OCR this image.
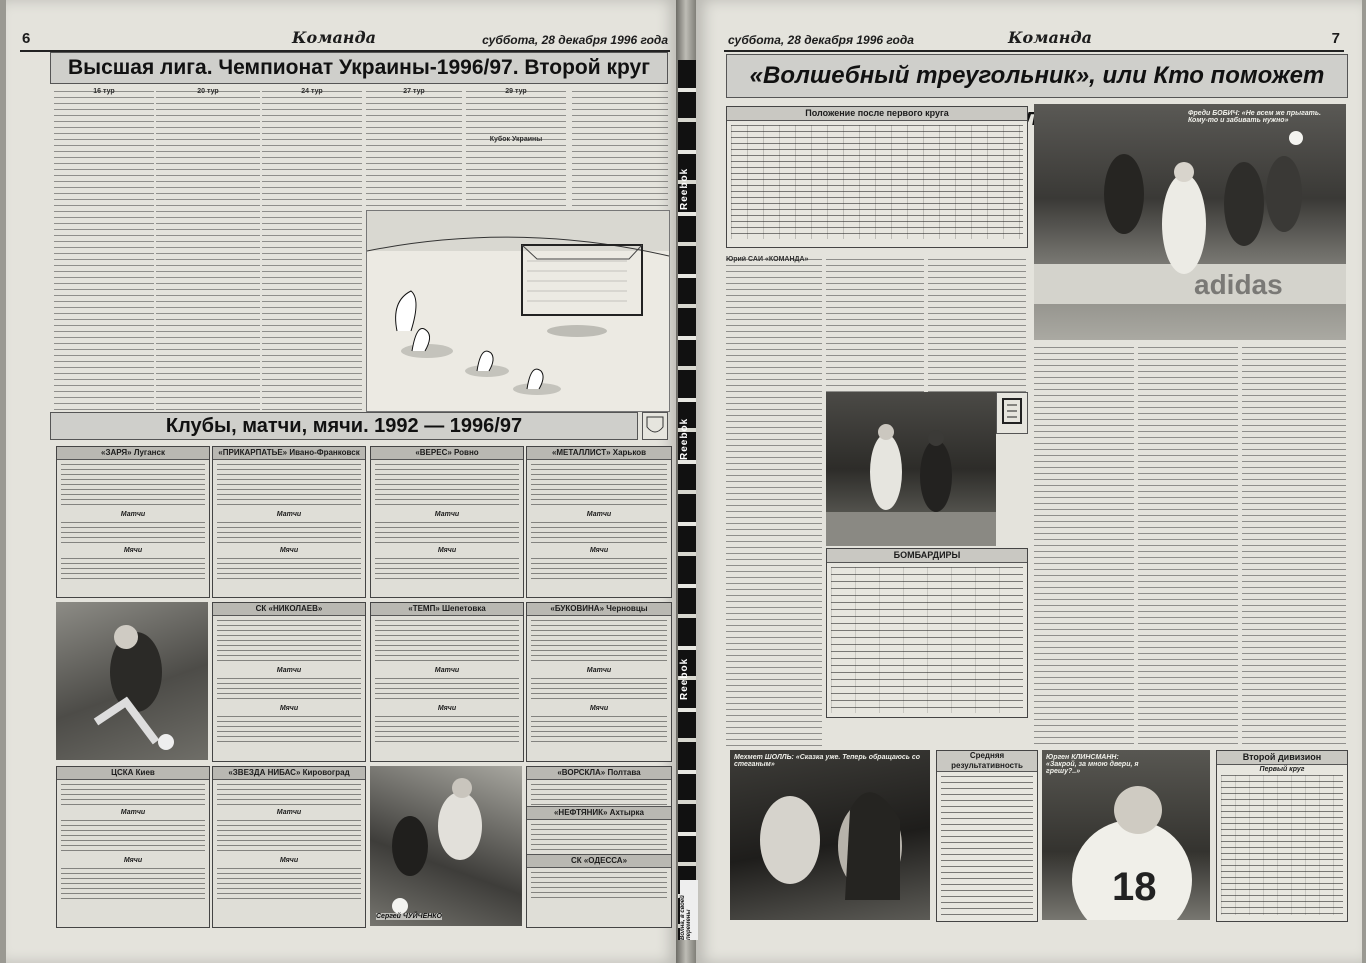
6	Команда	суббота, 28 декабря 1996 года
Высшая лига. Чемпионат Украины-1996/97. Второй круг

16 тур	20 тур	24 тур	27 тур	29 тур

Кубок Украины

Клубы, матчи, мячи. 1992 — 1996/97
«ЗАРЯ» Луганск
Матчи
Мячи
«ПРИКАРПАТЬЕ» Ивано-Франковск
Матчи
Мячи
«ВЕРЕС» Ровно
Матчи
Мячи
«МЕТАЛЛИСТ» Харьков
Матчи
Мячи
СК «НИКОЛАЕВ»
Матчи
Мячи
«ТЕМП» Шепетовка
Матчи
Мячи
«БУКОВИНА» Черновцы
Матчи
Мячи
ЦСКА Киев
Матчи
Мячи
«ЗВЕЗДА НИБАС» Кировоград
Матчи
Мячи
Сергей ЧУЙЧЕНКО
«ВОРСКЛА» Полтава
«НЕФТЯНИК» Ахтырка
СК «ОДЕССА»
Reebok
Reebok
Reebok
суббота, 28 декабря 1996 года	Команда	7
«Волшебный треугольник», или Кто поможет
Положение после первого круга
adidas
Фреди БОБИЧ: «Не всем же прыгать. Кому-то и забивать нужно»

Юрий САЙ «КОМАНДА»

БОМБАРДИРЫ
Мехмет ШОЛЛЬ: «Сказка уже. Теперь обращаюсь со стеганым»
Средняя результативность
18
Юрген КЛИНСМАНН: «Закрой, за мною двери, я грешу?..»
Второй дивизион
Первый круг
Волна, в своей перемены
